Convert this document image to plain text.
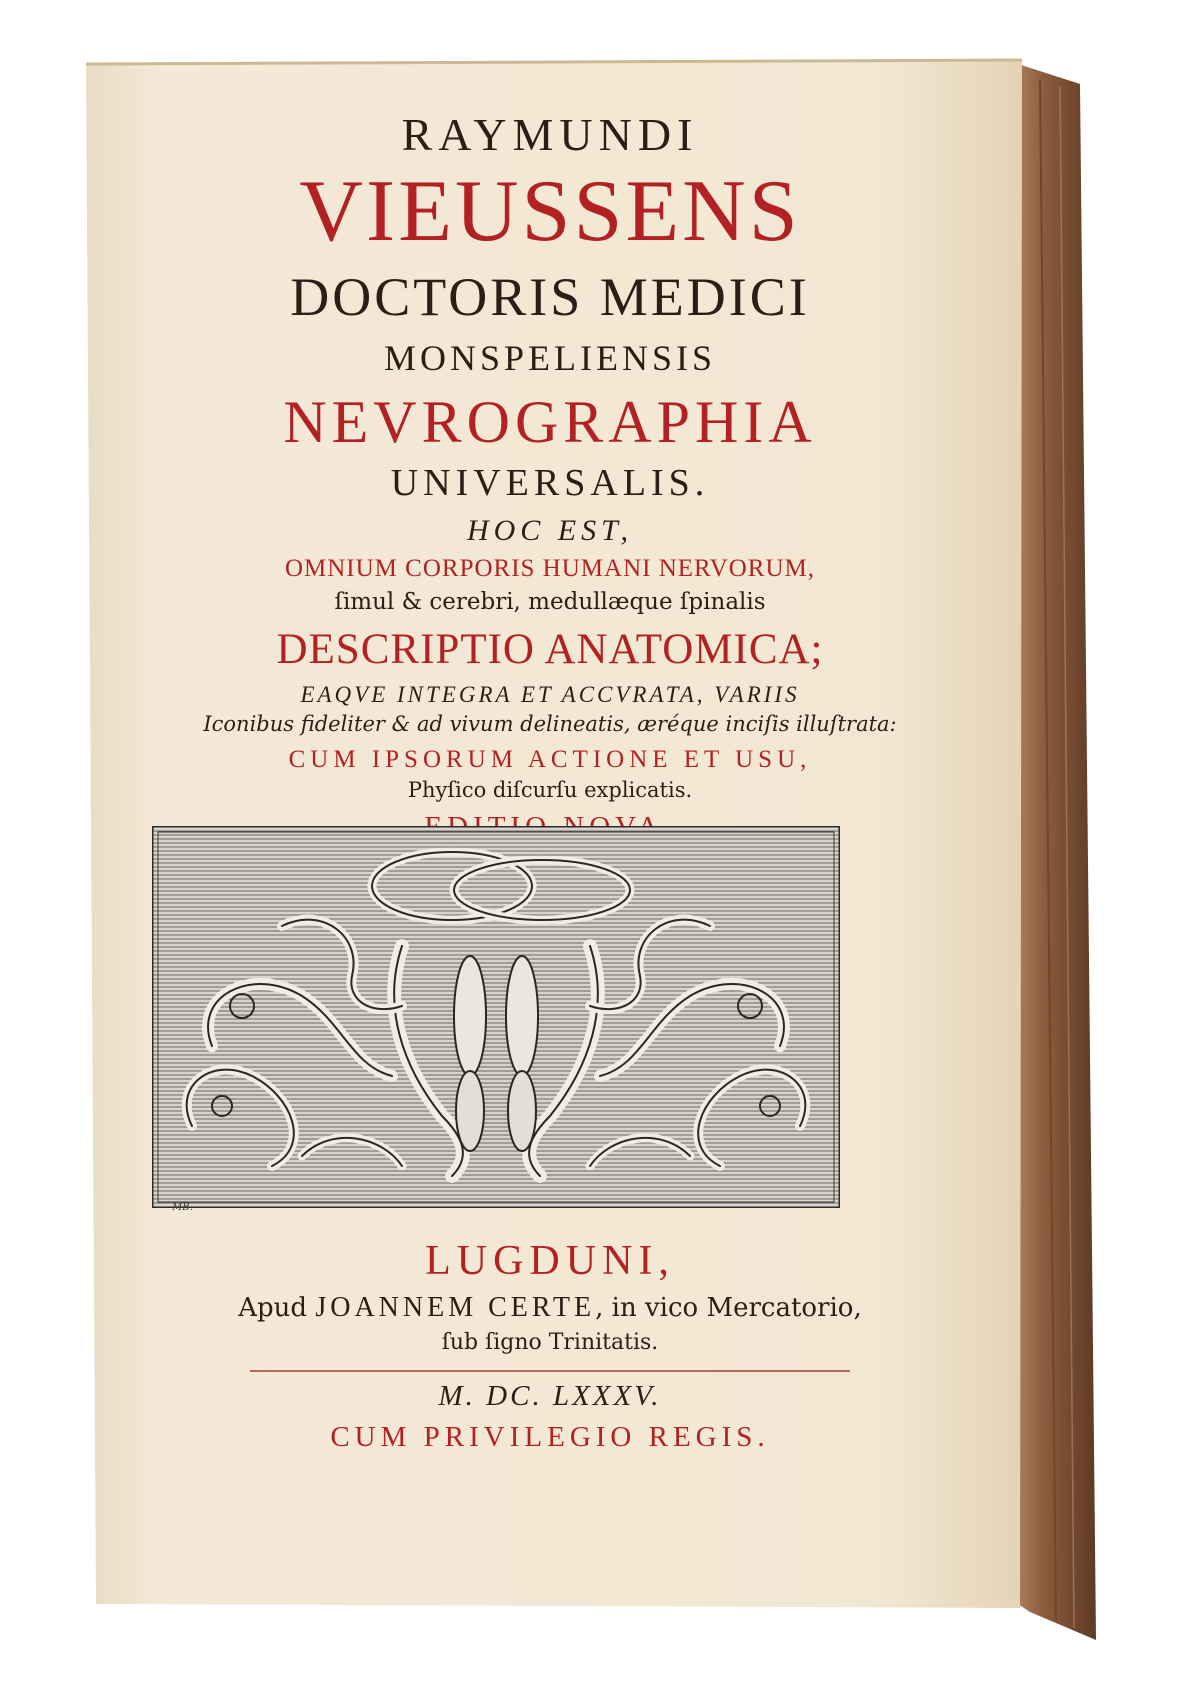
RAYMUNDI
VIEUSSENS
DOCTORIS MEDICI
MONSPELIENSIS
NEVROGRAPHIA
UNIVERSALIS.
HOC EST,
OMNIUM CORPORIS HUMANI NERVORUM,
ſimul & cerebri, medullæque ſpinalis
DESCRIPTIO ANATOMICA;
EAQVE INTEGRA ET ACCVRATA, VARIIS
Iconibus fideliter & ad vivum delineatis, æréque inciſis illuſtrata:
CUM IPSORUM ACTIONE ET USU,
Phyſico diſcurſu explicatis.
MB.
LUGDUNI,
Apud JOANNEM CERTE, in vico Mercatorio,
ſub ſigno Trinitatis.
M. DC. LXXXV.
CUM PRIVILEGIO REGIS.
